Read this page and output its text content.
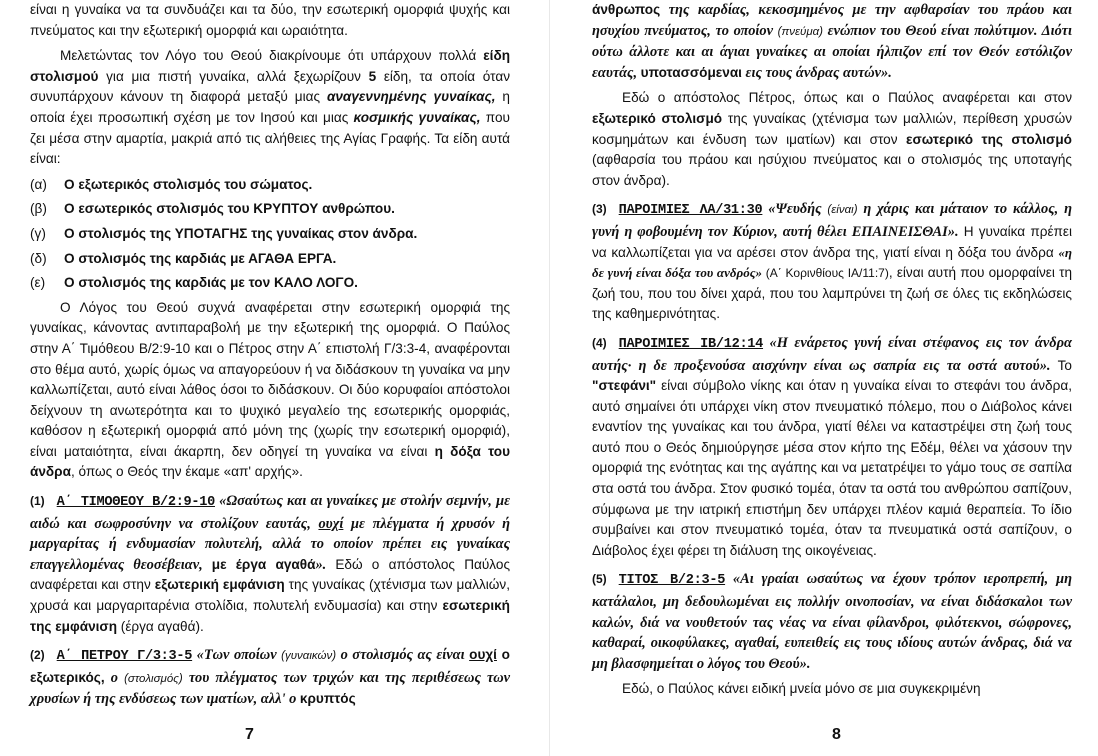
είναι η γυναίκα να τα συνδυάζει και τα δύο, την εσωτερική ομορφιά ψυχής και πνεύματος και την εξωτερική ομορφιά και ωραιότητα.

Μελετώντας τον Λόγο του Θεού διακρίνουμε ότι υπάρχουν πολλά είδη στολισμού για μια πιστή γυναίκα, αλλά ξεχωρίζουν 5 είδη, τα οποία όταν συνυπάρχουν κάνουν τη διαφορά μεταξύ μιας αναγεννημένης γυναίκας, η οποία έχει προσωπική σχέση με τον Ιησού και μιας κοσμικής γυναίκας, που ζει μέσα στην αμαρτία, μακριά από τις αλήθειες της Αγίας Γραφής. Τα είδη αυτά είναι:

(α)	Ο εξωτερικός στολισμός του σώματος.
(β)	Ο εσωτερικός στολισμός του ΚΡΥΠΤΟΥ ανθρώπου.
(γ)	Ο στολισμός της ΥΠΟΤΑΓΗΣ της γυναίκας στον άνδρα.
(δ)	Ο στολισμός της καρδιάς με ΑΓΑΘΑ ΕΡΓΑ.
(ε)	Ο στολισμός της καρδιάς με τον ΚΑΛΟ ΛΟΓΟ.

Ο Λόγος του Θεού συχνά αναφέρεται στην εσωτερική ομορφιά της γυναίκας, κάνοντας αντιπαραβολή με την εξωτερική της ομορφιά. Ο Παύλος στην Α΄ Τιμόθεου Β/2:9-10 και ο Πέτρος στην Α΄ επιστολή Γ/3:3-4, αναφέρονται στο θέμα αυτό, χωρίς όμως να απαγορεύουν ή να διδάσκουν τη γυναίκα να μην καλλωπίζεται, αυτό είναι λάθος όσοι το διδάσκουν. Οι δύο κορυφαίοι απόστολοι δείχνουν τη ανωτερότητα και το ψυχικό μεγαλείο της εσωτερικής ομορφιάς, καθόσον η εξωτερική ομορφιά από μόνη της (χωρίς την εσωτερική ομορφιά), είναι ματαιότητα, είναι άκαρπη, δεν οδηγεί τη γυναίκα να είναι η δόξα του άνδρα, όπως ο Θεός την έκαμε «απ' αρχής».

(1) Α΄ ΤΙΜΟΘΕΟΥ Β/2:9-10 «Ωσαύτως και αι γυναίκες με στολήν σεμνήν, με αιδώ και σωφροσύνην να στολίζουν εαυτάς, ουχί με πλέγματα ή χρυσόν ή μαργαρίτας ή ενδυμασίαν πολυτελή, αλλά το οποίον πρέπει εις γυναίκας επαγγελλομένας θεοσέβειαν, με έργα αγαθά». Εδώ ο απόστολος Παύλος αναφέρεται και στην εξωτερική εμφάνιση της γυναίκας (χτένισμα των μαλλιών, χρυσά και μαργαριταρένια στολίδια, πολυτελή ενδυμασία) και στην εσωτερική της εμφάνιση (έργα αγαθά).

(2) Α΄ ΠΕΤΡΟΥ Γ/3:3-5 «Των οποίων (γυναικών) ο στολισμός ας είναι ουχί ο εξωτερικός, ο (στολισμός) του πλέγματος των τριχών και της περιθέσεως των χρυσίων ή της ενδύσεως των ιματίων, αλλ' ο κρυπτός

7

άνθρωπος της καρδίας, κεκοσμημένος με την αφθαρσίαν του πράου και ησυχίου πνεύματος, το οποίον (πνεύμα) ενώπιον του Θεού είναι πολύτιμον. Διότι ούτω άλλοτε και αι άγιαι γυναίκες αι οποίαι ήλπιζον επί τον Θεόν εστόλιζον εαυτάς, υποτασσόμεναι εις τους άνδρας αυτών».

Εδώ ο απόστολος Πέτρος, όπως και ο Παύλος αναφέρεται και στον εξωτερικό στολισμό της γυναίκας (χτένισμα των μαλλιών, περίθεση χρυσών κοσμημάτων και ένδυση των ιματίων) και στον εσωτερικό της στολισμό (αφθαρσία του πράου και ησύχιου πνεύματος και ο στολισμός της υποταγής στον άνδρα).

(3) ΠΑΡΟΙΜΙΕΣ ΛΑ/31:30 «Ψευδής (είναι) η χάρις και μάταιον το κάλλος, η γυνή η φοβουμένη τον Κύριον, αυτή θέλει ΕΠΑΙΝΕΙΣΘΑΙ». Η γυναίκα πρέπει να καλλωπίζεται για να αρέσει στον άνδρα της, γιατί είναι η δόξα του άνδρα «η δε γυνή είναι δόξα του ανδρός» (Α΄ Κορινθίους ΙΑ/11:7), είναι αυτή που ομορφαίνει τη ζωή του, που του δίνει χαρά, που του λαμπρύνει τη ζωή σε όλες τις εκδηλώσεις της καθημερινότητας.

(4) ΠΑΡΟΙΜΙΕΣ ΙΒ/12:14 «Η ενάρετος γυνή είναι στέφανος εις τον άνδρα αυτής· η δε προξενούσα αισχύνην είναι ως σαπρία εις τα οστά αυτού». Το "στεφάνι" είναι σύμβολο νίκης και όταν η γυναίκα είναι το στεφάνι του άνδρα, αυτό σημαίνει ότι υπάρχει νίκη στον πνευματικό πόλεμο, που ο Διάβολος κάνει εναντίον της γυναίκας και του άνδρα, γιατί θέλει να καταστρέψει στη ζωή τους αυτό που ο Θεός δημιούργησε μέσα στον κήπο της Εδέμ, θέλει να χάσουν την ομορφιά της ενότητας και της αγάπης και να μετατρέψει το γάμο τους σε σαπίλα στα οστά του άνδρα. Στον φυσικό τομέα, όταν τα οστά του ανθρώπου σαπίζουν, σύμφωνα με την ιατρική επιστήμη δεν υπάρχει πλέον καμιά θεραπεία. Το ίδιο συμβαίνει και στον πνευματικό τομέα, όταν τα πνευματικά οστά σαπίζουν, ο Διάβολος έχει φέρει τη διάλυση της οικογένειας.

(5) ΤΙΤΟΣ Β/2:3-5 «Αι γραίαι ωσαύτως να έχουν τρόπον ιεροπρεπή, μη κατάλαλοι, μη δεδουλωμέναι εις πολλήν οινοποσίαν, να είναι διδάσκαλοι των καλών, διά να νουθετούν τας νέας να είναι φίλανδροι, φιλότεκνοι, σώφρονες, καθαραί, οικοφύλακες, αγαθαί, ευπειθείς εις τους ιδίους αυτών άνδρας, διά να μη βλασφημείται ο λόγος του Θεού».

Εδώ, ο Παύλος κάνει ειδική μνεία μόνο σε μια συγκεκριμένη

8
